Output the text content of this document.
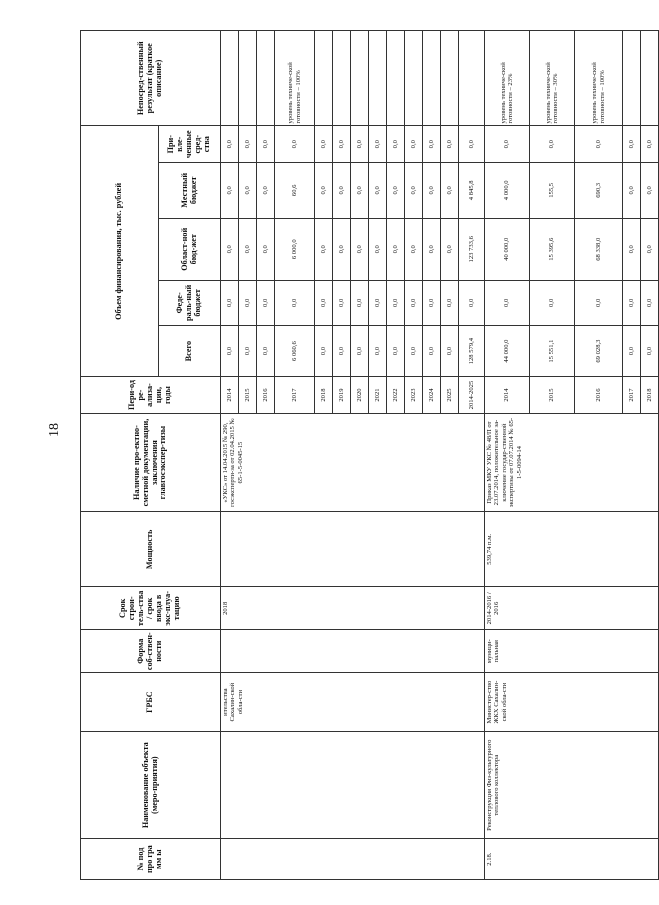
18
№ под про гра мм ы	Наименование объекта (меро-приятия)	ГРБС	Форма соб-ствен-ности	Срок строи-тель-ства / срок ввода в экс-плуа-тацию	Мощность	Наличие про-ектно-сметной документации, заключения главгосэкспер-тизы	Пери-од ре-ализа-ции, годы	Объем финансирования, тыс. рублей					Непосред-ственный результат (краткое описание)
								Всего	Феде-раль-ный бюджет	Област-ной бюд-жет	Местный бюджет	При-вле-ченные сред-ства	
		ительства Сахалин-ской обла-сти		2018		«УКС» от 14.04.2015 № 290, госэксперти-за от 02.04.2015 № 65-1-5-0045-15	2014	0,0	0,0	0,0	0,0	0,0	
							2015	0,0	0,0	0,0	0,0	0,0	
							2016	0,0	0,0	0,0	0,0	0,0	
							2017	6 060,6	0,0	6 000,0	60,6	0,0	уровень техниче-ской готовности – 100%
							2018	0,0	0,0	0,0	0,0	0,0	
							2019	0,0	0,0	0,0	0,0	0,0	
							2020	0,0	0,0	0,0	0,0	0,0	
							2021	0,0	0,0	0,0	0,0	0,0	
							2022	0,0	0,0	0,0	0,0	0,0	
							2023	0,0	0,0	0,0	0,0	0,0	
							2024	0,0	0,0	0,0	0,0	0,0	
							2025	0,0	0,0	0,0	0,0	0,0	
							2014-2025	128 579,4	0,0	123 733,6	4 845,8	0,0	
2.18.	Реконструкция Физ-культурного теплового коллектора	Министер-ство ЖКХ Сахалин-ской обла-сти	муници-пальная	2014-2016 / 2016	539,74 п.м.	Приказ МКУ УКС № 48/П от 23.07.2014, положительное за-ключение государ-ственной экспертизы от 07.07.2014 № 65-1-5-0094-14	2014	44 000,0	0,0	40 000,0	4 000,0	0,0	уровень техниче-ской готовности – 23%
							2015	15 551,1	0,0	15 395,6	155,5	0,0	уровень техниче-ской готовности – 30%
							2016	69 028,3	0,0	68 338,0	690,3	0,0	уровень техниче-ской готовности – 100%
							2017	0,0	0,0	0,0	0,0	0,0	
							2018	0,0	0,0	0,0	0,0	0,0	
